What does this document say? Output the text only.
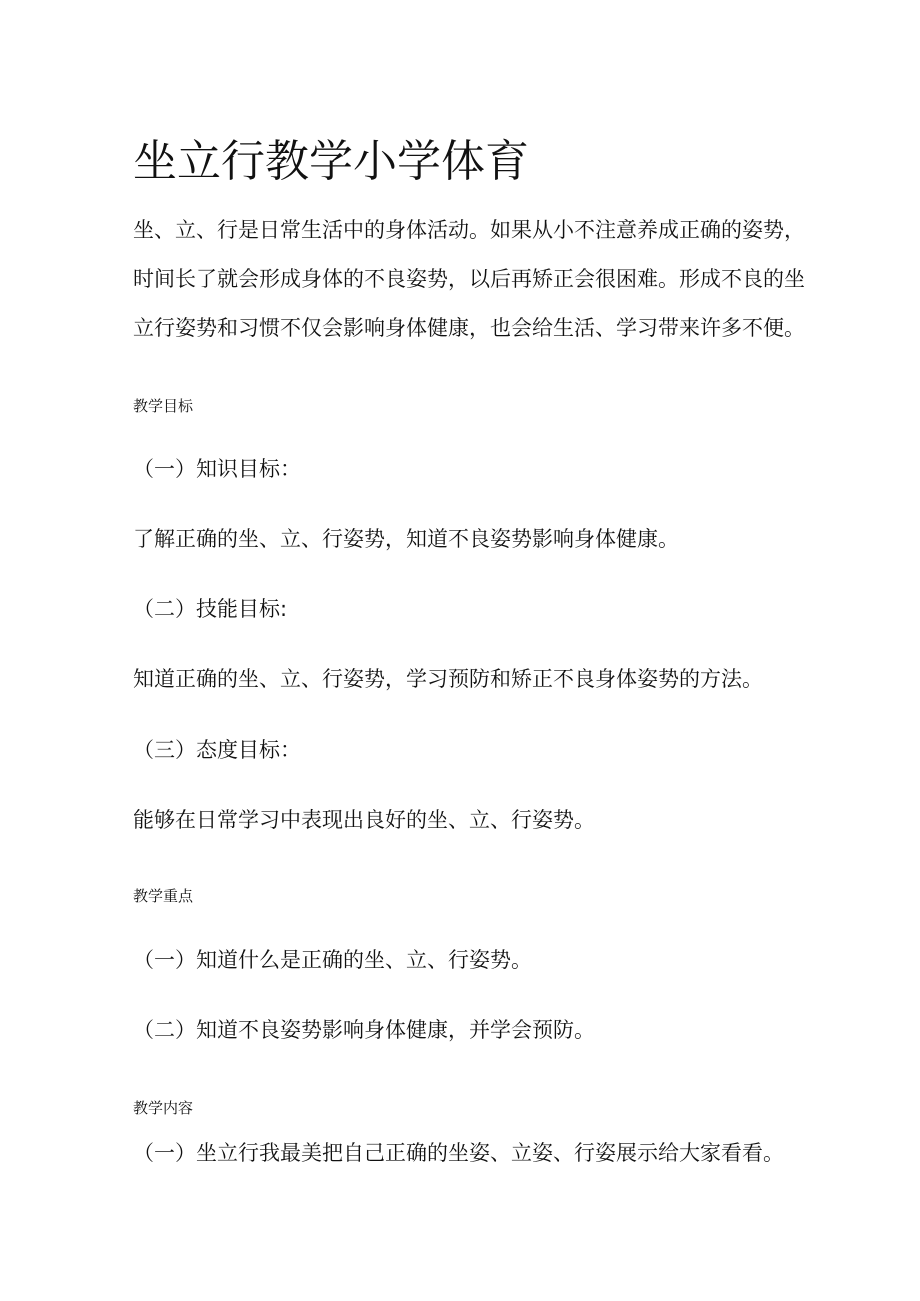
坐立行教学小学体育
坐、立、行是日常生活中的身体活动。如果从小不注意养成正确的姿势，
时间长了就会形成身体的不良姿势，以后再矫正会很困难。形成不良的坐
立行姿势和习惯不仅会影响身体健康，也会给生活、学习带来许多不便。
教学目标
（一）知识目标：
了解正确的坐、立、行姿势，知道不良姿势影响身体健康。
（二）技能目标:
知道正确的坐、立、行姿势，学习预防和矫正不良身体姿势的方法。
（三）态度目标：
能够在日常学习中表现出良好的坐、立、行姿势。
教学重点
（一）知道什么是正确的坐、立、行姿势。
（二）知道不良姿势影响身体健康，并学会预防。
教学内容
（一）坐立行我最美把自己正确的坐姿、立姿、行姿展示给大家看看。
